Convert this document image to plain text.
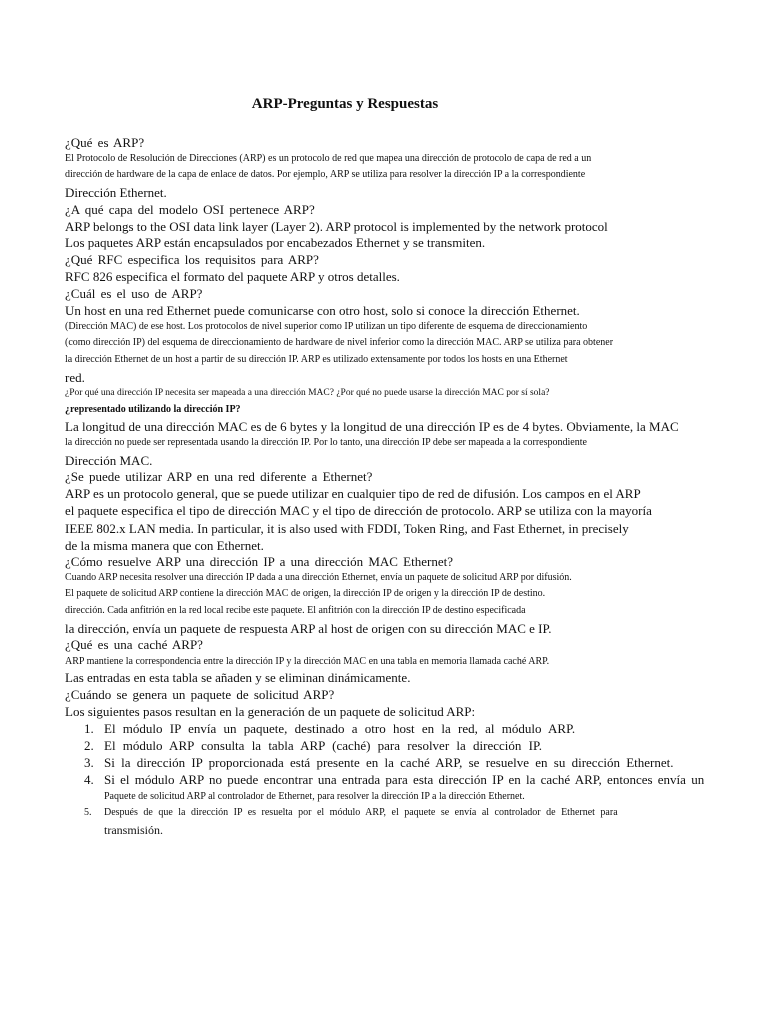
ARP-Preguntas y Respuestas
¿Qué es ARP?
El Protocolo de Resolución de Direcciones (ARP) es un protocolo de red que mapea una dirección de protocolo de capa de red a un
dirección de hardware de la capa de enlace de datos. Por ejemplo, ARP se utiliza para resolver la dirección IP a la correspondiente
Dirección Ethernet.
¿A qué capa del modelo OSI pertenece ARP?
ARP belongs to the OSI data link layer (Layer 2). ARP protocol is implemented by the network protocol
Los paquetes ARP están encapsulados por encabezados Ethernet y se transmiten.
¿Qué RFC especifica los requisitos para ARP?
RFC 826 especifica el formato del paquete ARP y otros detalles.
¿Cuál es el uso de ARP?
Un host en una red Ethernet puede comunicarse con otro host, solo si conoce la dirección Ethernet.
(Dirección MAC) de ese host. Los protocolos de nivel superior como IP utilizan un tipo diferente de esquema de direccionamiento
(como dirección IP) del esquema de direccionamiento de hardware de nivel inferior como la dirección MAC. ARP se utiliza para obtener
la dirección Ethernet de un host a partir de su dirección IP. ARP es utilizado extensamente por todos los hosts en una Ethernet
red.
¿Por qué una dirección IP necesita ser mapeada a una dirección MAC? ¿Por qué no puede usarse la dirección MAC por sí sola?
¿representado utilizando la dirección IP?
La longitud de una dirección MAC es de 6 bytes y la longitud de una dirección IP es de 4 bytes. Obviamente, la MAC
la dirección no puede ser representada usando la dirección IP. Por lo tanto, una dirección IP debe ser mapeada a la correspondiente
Dirección MAC.
¿Se puede utilizar ARP en una red diferente a Ethernet?
ARP es un protocolo general, que se puede utilizar en cualquier tipo de red de difusión. Los campos en el ARP
el paquete especifica el tipo de dirección MAC y el tipo de dirección de protocolo. ARP se utiliza con la mayoría
IEEE 802.x LAN media. In particular, it is also used with FDDI, Token Ring, and Fast Ethernet, in precisely
de la misma manera que con Ethernet.
¿Cómo resuelve ARP una dirección IP a una dirección MAC Ethernet?
Cuando ARP necesita resolver una dirección IP dada a una dirección Ethernet, envía un paquete de solicitud ARP por difusión.
El paquete de solicitud ARP contiene la dirección MAC de origen, la dirección IP de origen y la dirección IP de destino.
dirección. Cada anfitrión en la red local recibe este paquete. El anfitrión con la dirección IP de destino especificada
la dirección, envía un paquete de respuesta ARP al host de origen con su dirección MAC e IP.
¿Qué es una caché ARP?
ARP mantiene la correspondencia entre la dirección IP y la dirección MAC en una tabla en memoria llamada caché ARP.
Las entradas en esta tabla se añaden y se eliminan dinámicamente.
¿Cuándo se genera un paquete de solicitud ARP?
Los siguientes pasos resultan en la generación de un paquete de solicitud ARP:
1. El módulo IP envía un paquete, destinado a otro host en la red, al módulo ARP.
2. El módulo ARP consulta la tabla ARP (caché) para resolver la dirección IP.
3. Si la dirección IP proporcionada está presente en la caché ARP, se resuelve en su dirección Ethernet.
4. Si el módulo ARP no puede encontrar una entrada para esta dirección IP en la caché ARP, entonces envía un
Paquete de solicitud ARP al controlador de Ethernet, para resolver la dirección IP a la dirección Ethernet.
5. Después de que la dirección IP es resuelta por el módulo ARP, el paquete se envía al controlador de Ethernet para
transmisión.
